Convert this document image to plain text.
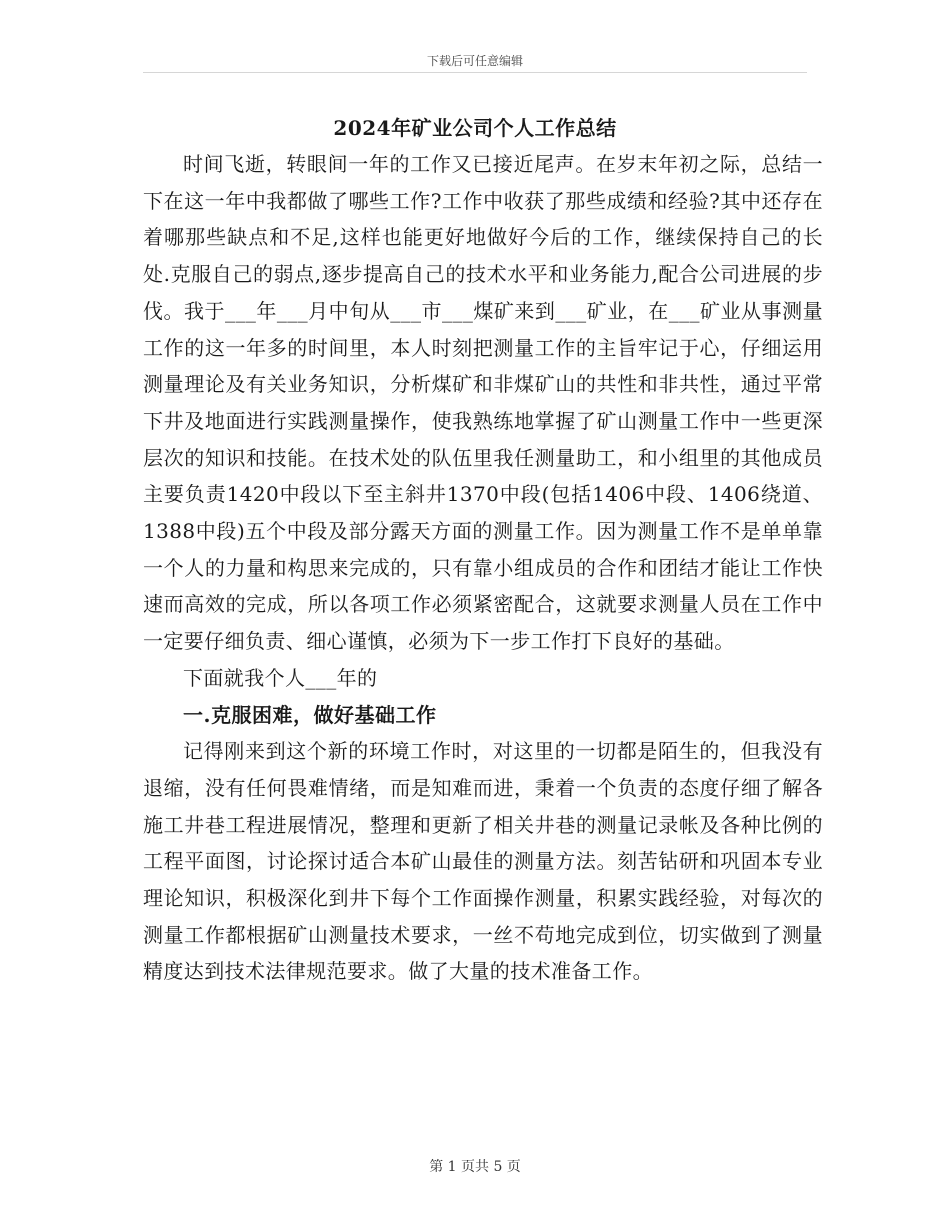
下载后可任意编辑
2024年矿业公司个人工作总结

时间飞逝，转眼间一年的工作又已接近尾声。在岁末年初之际，总结一下在这一年中我都做了哪些工作?工作中收获了那些成绩和经验?其中还存在着哪那些缺点和不足,这样也能更好地做好今后的工作，继续保持自己的长处.克服自己的弱点,逐步提高自己的技术水平和业务能力,配合公司进展的步伐。我于___年___月中旬从___市___煤矿来到___矿业，在___矿业从事测量工作的这一年多的时间里，本人时刻把测量工作的主旨牢记于心，仔细运用测量理论及有关业务知识，分析煤矿和非煤矿山的共性和非共性，通过平常下井及地面进行实践测量操作，使我熟练地掌握了矿山测量工作中一些更深层次的知识和技能。在技术处的队伍里我任测量助工，和小组里的其他成员主要负责1420中段以下至主斜井1370中段(包括1406中段、1406绕道、1388中段)五个中段及部分露天方面的测量工作。因为测量工作不是单单靠一个人的力量和构思来完成的，只有靠小组成员的合作和团结才能让工作快速而高效的完成，所以各项工作必须紧密配合，这就要求测量人员在工作中一定要仔细负责、细心谨慎，必须为下一步工作打下良好的基础。

下面就我个人___年的

一.克服困难，做好基础工作

记得刚来到这个新的环境工作时，对这里的一切都是陌生的，但我没有退缩，没有任何畏难情绪，而是知难而进，秉着一个负责的态度仔细了解各施工井巷工程进展情况，整理和更新了相关井巷的测量记录帐及各种比例的工程平面图，讨论探讨适合本矿山最佳的测量方法。刻苦钻研和巩固本专业理论知识，积极深化到井下每个工作面操作测量，积累实践经验，对每次的测量工作都根据矿山测量技术要求，一丝不苟地完成到位，切实做到了测量精度达到技术法律规范要求。做了大量的技术准备工作。

第 1 页共 5 页
